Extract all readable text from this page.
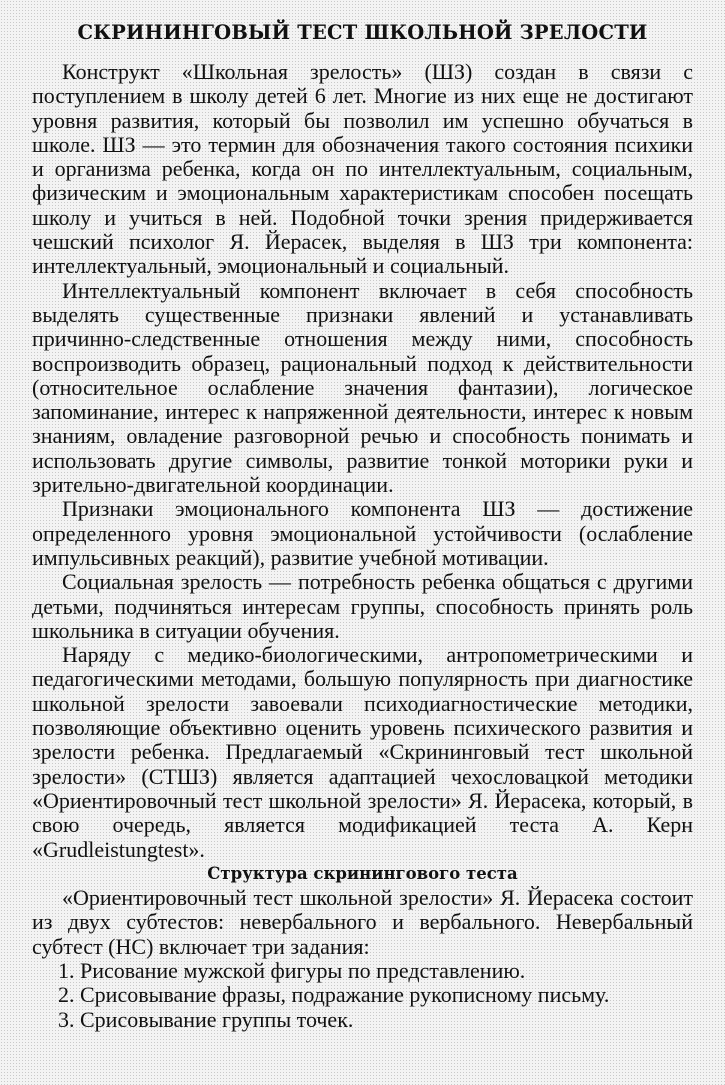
СКРИНИНГОВЫЙ ТЕСТ ШКОЛЬНОЙ ЗРЕЛОСТИ

Конструкт «Школьная зрелость» (ШЗ) создан в связи с поступлением в школу детей 6 лет. Многие из них еще не достигают уровня развития, который бы позволил им успешно обучаться в школе. ШЗ — это термин для обозначения такого состояния психики и организма ребенка, когда он по интеллектуальным, социальным, физическим и эмоциональным характеристикам способен посещать школу и учиться в ней. Подобной точки зрения придерживается чешский психолог Я. Йерасек, выделяя в ШЗ три компонента: интеллектуальный, эмоциональный и социальный.

Интеллектуальный компонент включает в себя способность выделять существенные признаки явлений и устанавливать причинно-следственные отношения между ними, способность воспроизводить образец, рациональный подход к действительности (относительное ослабление значения фантазии), логическое запоминание, интерес к напряженной деятельности, интерес к новым знаниям, овладение разговорной речью и способность понимать и использовать другие символы, развитие тонкой моторики руки и зрительно-двигательной координации.

Признаки эмоционального компонента ШЗ — достижение определенного уровня эмоциональной устойчивости (ослабление импульсивных реакций), развитие учебной мотивации.

Социальная зрелость — потребность ребенка общаться с другими детьми, подчиняться интересам группы, способность принять роль школьника в ситуации обучения.

Наряду с медико-биологическими, антропометрическими и педагогическими методами, большую популярность при диагностике школьной зрелости завоевали психодиагностические методики, позволяющие объективно оценить уровень психического развития и зрелости ребенка. Предлагаемый «Скрининговый тест школьной зрелости» (СТШЗ) является адаптацией чехословацкой методики «Ориентировочный тест школьной зрелости» Я. Йерасека, который, в свою очередь, является модификацией теста А. Керн «Grudleistungtest».

Структура скринингового теста

«Ориентировочный тест школьной зрелости» Я. Йерасека состоит из двух субтестов: невербального и вербального. Невербальный субтест (НС) включает три задания:

1. Рисование мужской фигуры по представлению.
2. Срисовывание фразы, подражание рукописному письму.
3. Срисовывание группы точек.
